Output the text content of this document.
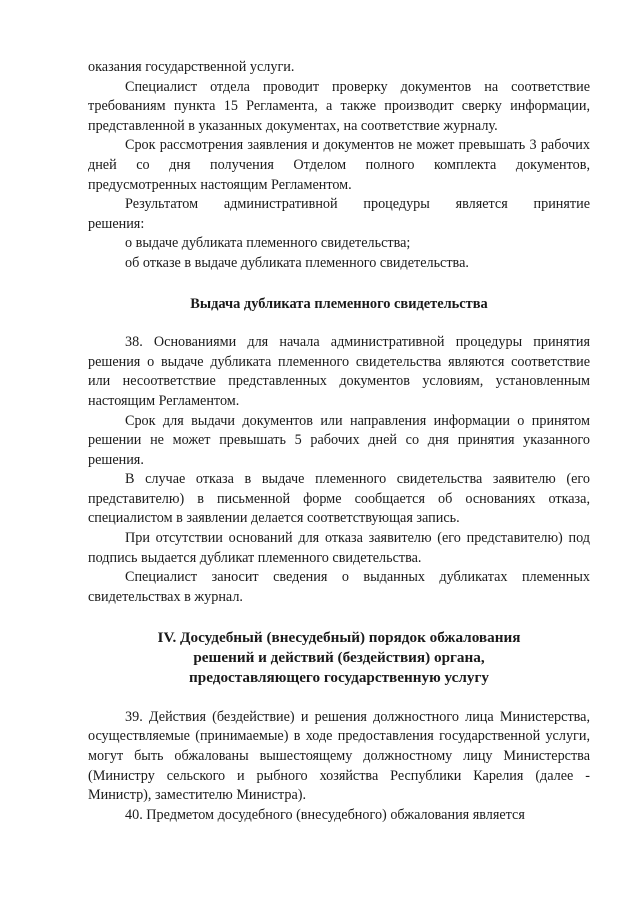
оказания государственной услуги.

Специалист отдела проводит проверку документов на соответствие требованиям пункта 15 Регламента, а также производит сверку информации, представленной в указанных документах, на соответствие журналу.

Срок рассмотрения заявления и документов не может превышать 3 рабочих дней со дня получения Отделом полного комплекта документов, предусмотренных настоящим Регламентом.

Результатом административной процедуры является принятие решения:

о выдаче дубликата племенного свидетельства;

об отказе в выдаче дубликата племенного свидетельства.

Выдача дубликата племенного свидетельства

38. Основаниями для начала административной процедуры принятия решения о выдаче дубликата племенного свидетельства являются соответствие или несоответствие представленных документов условиям, установленным настоящим Регламентом.

Срок для выдачи документов или направления информации о принятом решении не может превышать 5 рабочих дней со дня принятия указанного решения.

В случае отказа в выдаче племенного свидетельства заявителю (его представителю) в письменной форме сообщается об основаниях отказа, специалистом в заявлении делается соответствующая запись.

При отсутствии оснований для отказа заявителю (его представителю) под подпись выдается дубликат племенного свидетельства.

Специалист заносит сведения о выданных дубликатах племенных свидетельствах в журнал.

IV. Досудебный (внесудебный) порядок обжалования

решений и действий (бездействия) органа,

предоставляющего государственную услугу

39. Действия (бездействие) и решения должностного лица Министерства, осуществляемые (принимаемые) в ходе предоставления государственной услуги, могут быть обжалованы вышестоящему должностному лицу Министерства (Министру сельского и рыбного хозяйства Республики Карелия (далее - Министр), заместителю Министра).

40. Предметом досудебного (внесудебного) обжалования является
